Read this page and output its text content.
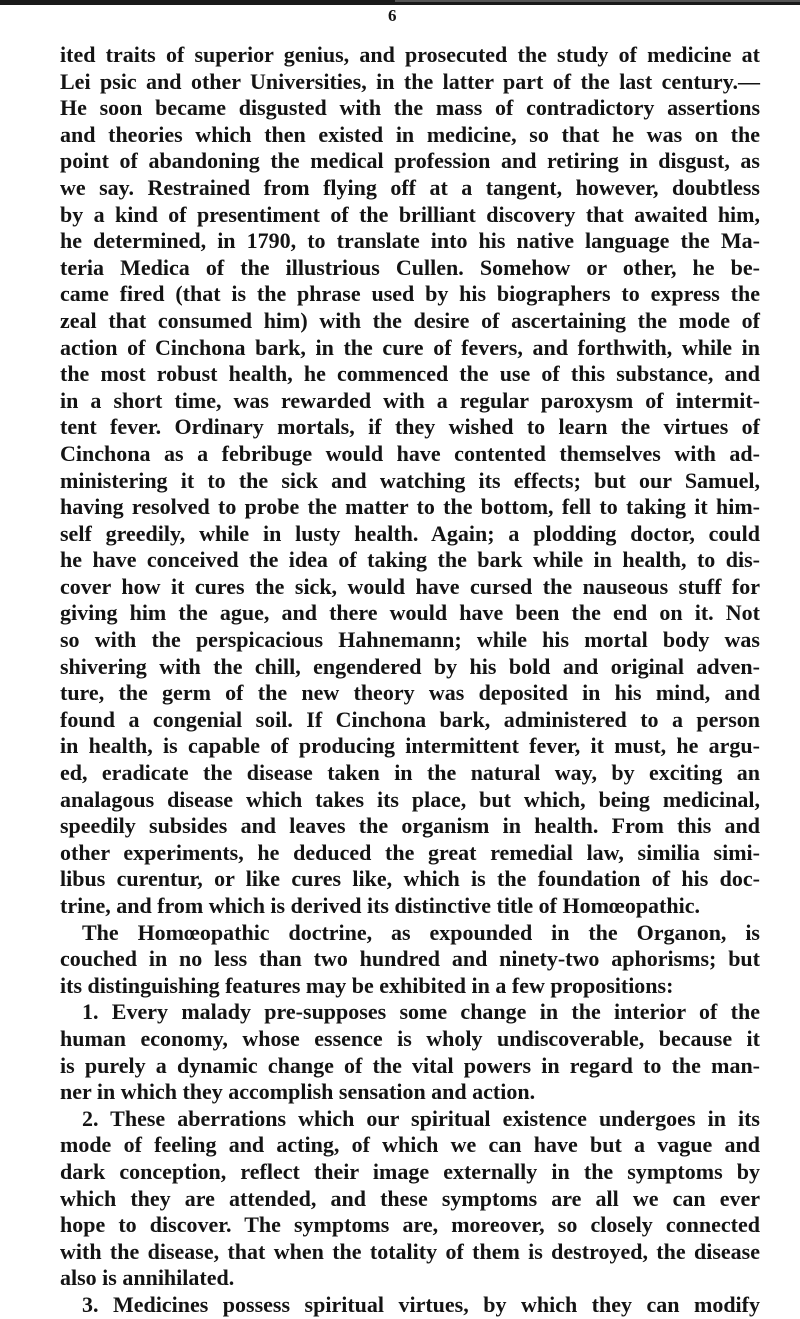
6
ited traits of superior genius, and prosecuted the study of medicine at
Lei psic and other Universities, in the latter part of the last century.—
He soon became disgusted with the mass of contradictory assertions
and theories which then existed in medicine, so that he was on the
point of abandoning the medical profession and retiring in disgust, as
we say. Restrained from flying off at a tangent, however, doubtless
by a kind of presentiment of the brilliant discovery that awaited him,
he determined, in 1790, to translate into his native language the Ma-
teria Medica of the illustrious Cullen. Somehow or other, he be-
came fired (that is the phrase used by his biographers to express the
zeal that consumed him) with the desire of ascertaining the mode of
action of Cinchona bark, in the cure of fevers, and forthwith, while in
the most robust health, he commenced the use of this substance, and
in a short time, was rewarded with a regular paroxysm of intermit-
tent fever. Ordinary mortals, if they wished to learn the virtues of
Cinchona as a febribuge would have contented themselves with ad-
ministering it to the sick and watching its effects; but our Samuel,
having resolved to probe the matter to the bottom, fell to taking it him-
self greedily, while in lusty health. Again; a plodding doctor, could
he have conceived the idea of taking the bark while in health, to dis-
cover how it cures the sick, would have cursed the nauseous stuff for
giving him the ague, and there would have been the end on it. Not
so with the perspicacious Hahnemann; while his mortal body was
shivering with the chill, engendered by his bold and original adven-
ture, the germ of the new theory was deposited in his mind, and
found a congenial soil. If Cinchona bark, administered to a person
in health, is capable of producing intermittent fever, it must, he argu-
ed, eradicate the disease taken in the natural way, by exciting an
analagous disease which takes its place, but which, being medicinal,
speedily subsides and leaves the organism in health. From this and
other experiments, he deduced the great remedial law, similia simi-
libus curentur, or like cures like, which is the foundation of his doc-
trine, and from which is derived its distinctive title of Homœopathic.
The Homœopathic doctrine, as expounded in the Organon, is
couched in no less than two hundred and ninety-two aphorisms; but
its distinguishing features may be exhibited in a few propositions:
1. Every malady pre-supposes some change in the interior of the
human economy, whose essence is wholy undiscoverable, because it
is purely a dynamic change of the vital powers in regard to the man-
ner in which they accomplish sensation and action.
2. These aberrations which our spiritual existence undergoes in its
mode of feeling and acting, of which we can have but a vague and
dark conception, reflect their image externally in the symptoms by
which they are attended, and these symptoms are all we can ever
hope to discover. The symptoms are, moreover, so closely connected
with the disease, that when the totality of them is destroyed, the disease
also is annihilated.
3. Medicines possess spiritual virtues, by which they can modify
